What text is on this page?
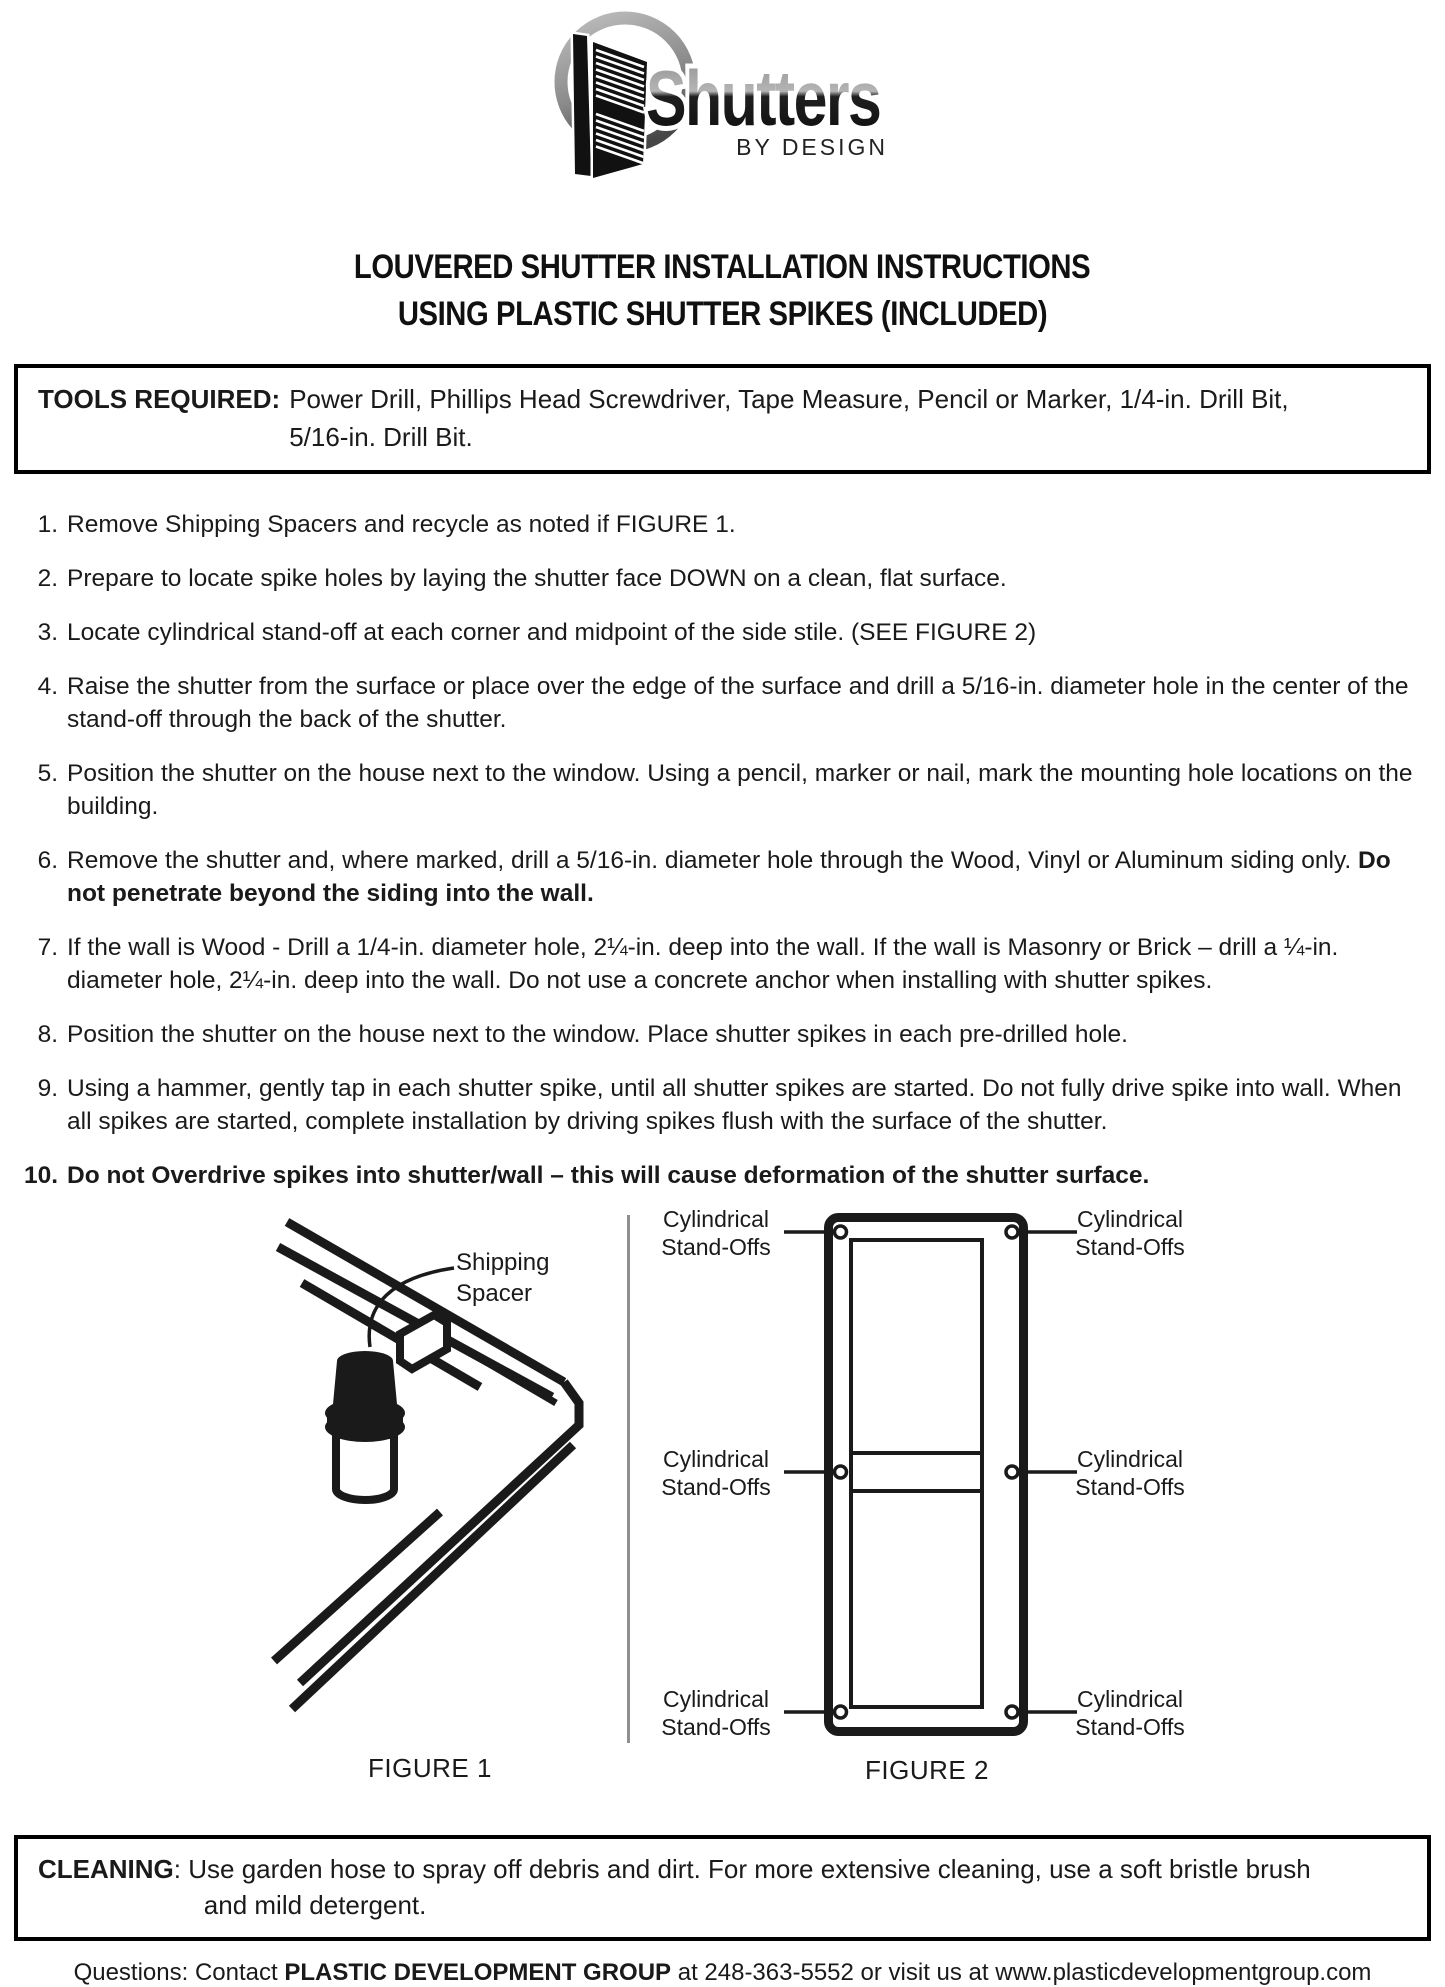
Shutters
BY DESIGN
LOUVERED SHUTTER INSTALLATION INSTRUCTIONS
USING PLASTIC SHUTTER SPIKES (INCLUDED)
TOOLS REQUIRED: Power Drill, Phillips Head Screwdriver, Tape Measure, Pencil or Marker, 1/4-in. Drill Bit,
5/16-in. Drill Bit.
1. Remove Shipping Spacers and recycle as noted if FIGURE 1.
2. Prepare to locate spike holes by laying the shutter face DOWN on a clean, flat surface.
3. Locate cylindrical stand-off at each corner and midpoint of the side stile. (SEE FIGURE 2)
4. Raise the shutter from the surface or place over the edge of the surface and drill a 5/16-in. diameter hole in the center of the stand-off through the back of the shutter.
5. Position the shutter on the house next to the window. Using a pencil, marker or nail, mark the mounting hole locations on the building.
6. Remove the shutter and, where marked, drill a 5/16-in. diameter hole through the Wood, Vinyl or Aluminum siding only. Do not penetrate beyond the siding into the wall.
7. If the wall is Wood - Drill a 1/4-in. diameter hole, 2¼-in. deep into the wall. If the wall is Masonry or Brick – drill a ¼-in. diameter hole, 2¼-in. deep into the wall. Do not use a concrete anchor when installing with shutter spikes.
8. Position the shutter on the house next to the window. Place shutter spikes in each pre-drilled hole.
9. Using a hammer, gently tap in each shutter spike, until all shutter spikes are started. Do not fully drive spike into wall. When all spikes are started, complete installation by driving spikes flush with the surface of the shutter.
10. Do not Overdrive spikes into shutter/wall – this will cause deformation of the shutter surface.
Shipping
Spacer
FIGURE 1
Cylindrical
Stand-Offs
Cylindrical
Stand-Offs
Cylindrical
Stand-Offs
Cylindrical
Stand-Offs
Cylindrical
Stand-Offs
Cylindrical
Stand-Offs
FIGURE 2
CLEANING : Use garden hose to spray off debris and dirt. For more extensive cleaning, use a soft bristle brush
and mild detergent.
Questions: Contact PLASTIC DEVELOPMENT GROUP at 248-363-5552 or visit us at www.plasticdevelopmentgroup.com
